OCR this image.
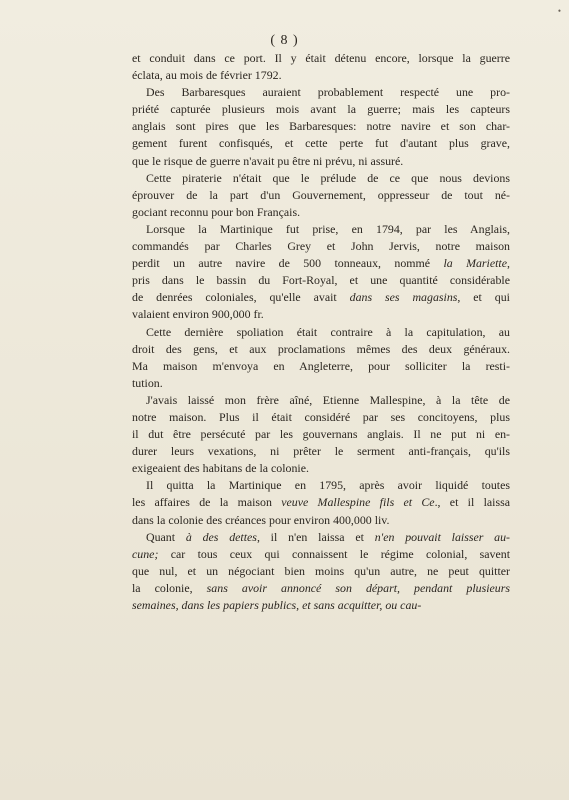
•
( 8 )
et conduit dans ce port. Il y était détenu encore, lorsque la guerre
éclata, au mois de février 1792.
Des Barbaresques auraient probablement respecté une pro-
priété capturée plusieurs mois avant la guerre; mais les capteurs
anglais sont pires que les Barbaresques: notre navire et son char-
gement furent confisqués, et cette perte fut d'autant plus grave,
que le risque de guerre n'avait pu être ni prévu, ni assuré.
Cette piraterie n'était que le prélude de ce que nous devions
éprouver de la part d'un Gouvernement, oppresseur de tout né-
gociant reconnu pour bon Français.
Lorsque la Martinique fut prise, en 1794, par les Anglais,
commandés par Charles Grey et John Jervis, notre maison
perdit un autre navire de 500 tonneaux, nommé la Mariette,
pris dans le bassin du Fort-Royal, et une quantité considérable
de denrées coloniales, qu'elle avait dans ses magasins, et qui
valaient environ 900,000 fr.
Cette dernière spoliation était contraire à la capitulation, au
droit des gens, et aux proclamations mêmes des deux généraux.
Ma maison m'envoya en Angleterre, pour solliciter la resti-
tution.
J'avais laissé mon frère aîné, Etienne Mallespine, à la tête de
notre maison. Plus il était considéré par ses concitoyens, plus
il dut être persécuté par les gouvernans anglais. Il ne put ni en-
durer leurs vexations, ni prêter le serment anti-français, qu'ils
exigeaient des habitans de la colonie.
Il quitta la Martinique en 1795, après avoir liquidé toutes
les affaires de la maison veuve Mallespine fils et Ce., et il laissa
dans la colonie des créances pour environ 400,000 liv.
Quant à des dettes, il n'en laissa et n'en pouvait laisser au-
cune; car tous ceux qui connaissent le régime colonial, savent
que nul, et un négociant bien moins qu'un autre, ne peut quitter
la colonie, sans avoir annoncé son départ, pendant plusieurs
semaines, dans les papiers publics, et sans acquitter, ou cau-
